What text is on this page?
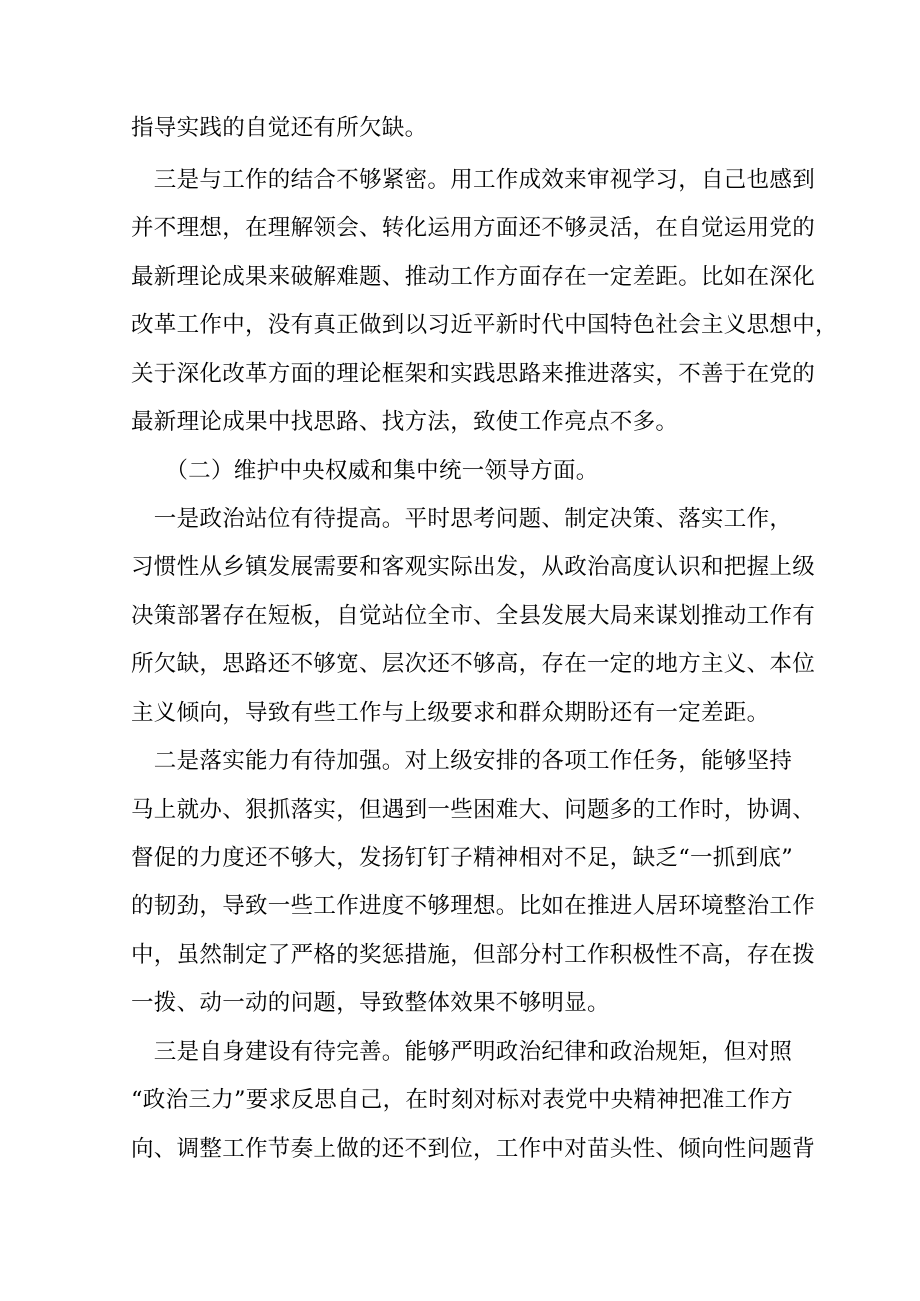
指导实践的自觉还有所欠缺。
　三是与工作的结合不够紧密。用工作成效来审视学习，自己也感到
并不理想，在理解领会、转化运用方面还不够灵活，在自觉运用党的
最新理论成果来破解难题、推动工作方面存在一定差距。比如在深化
改革工作中，没有真正做到以习近平新时代中国特色社会主义思想中，
关于深化改革方面的理论框架和实践思路来推进落实，不善于在党的
最新理论成果中找思路、找方法，致使工作亮点不多。
　　（二）维护中央权威和集中统一领导方面。
　一是政治站位有待提高。平时思考问题、制定决策、落实工作，
习惯性从乡镇发展需要和客观实际出发，从政治高度认识和把握上级
决策部署存在短板，自觉站位全市、全县发展大局来谋划推动工作有
所欠缺，思路还不够宽、层次还不够高，存在一定的地方主义、本位
主义倾向，导致有些工作与上级要求和群众期盼还有一定差距。
　二是落实能力有待加强。对上级安排的各项工作任务，能够坚持
马上就办、狠抓落实，但遇到一些困难大、问题多的工作时，协调、
督促的力度还不够大，发扬钉钉子精神相对不足，缺乏“一抓到底”
的韧劲，导致一些工作进度不够理想。比如在推进人居环境整治工作
中，虽然制定了严格的奖惩措施，但部分村工作积极性不高，存在拨
一拨、动一动的问题，导致整体效果不够明显。
　三是自身建设有待完善。能够严明政治纪律和政治规矩，但对照
“政治三力”要求反思自己，在时刻对标对表党中央精神把准工作方
向、调整工作节奏上做的还不到位，工作中对苗头性、倾向性问题背
